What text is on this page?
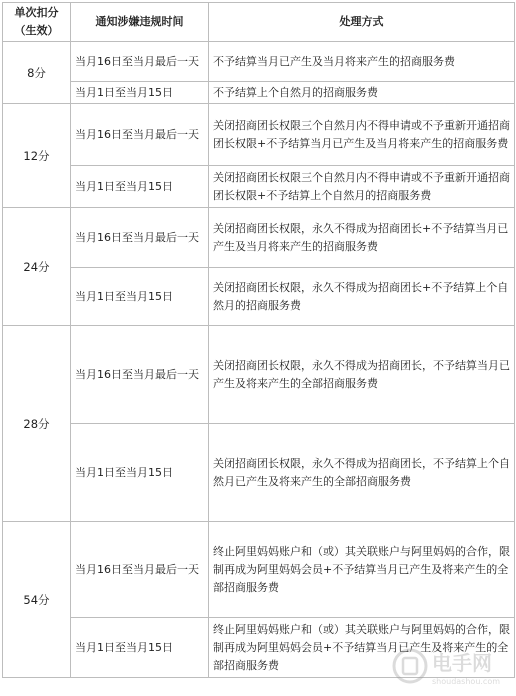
单次扣分（生效）	通知涉嫌违规时间	处理方式
8分	当月16日至当月最后一天	不予结算当月已产生及当月将来产生的招商服务费
	当月1日至当月15日	不予结算上个自然月的招商服务费
12分	当月16日至当月最后一天	关闭招商团长权限三个自然月内不得申请或不予重新开通招商团长权限+不予结算当月已产生及当月将来产生的招商服务费
	当月1日至当月15日	关闭招商团长权限三个自然月内不得申请或不予重新开通招商团长权限+不予结算上个自然月的招商服务费
24分	当月16日至当月最后一天	关闭招商团长权限，永久不得成为招商团长+不予结算当月已产生及当月将来产生的招商服务费
	当月1日至当月15日	关闭招商团长权限，永久不得成为招商团长+不予结算上个自然月的招商服务费
28分	当月16日至当月最后一天	关闭招商团长权限，永久不得成为招商团长，不予结算当月已产生及将来产生的全部招商服务费
	当月1日至当月15日	关闭招商团长权限，永久不得成为招商团长，不予结算上个自然月已产生及将来产生的全部招商服务费
54分	当月16日至当月最后一天	终止阿里妈妈账户和（或）其关联账户与阿里妈妈的合作，限制再成为阿里妈妈会员+不予结算当月已产生及将来产生的全部招商服务费
	当月1日至当月15日	终止阿里妈妈账户和（或）其关联账户与阿里妈妈的合作，限制再成为阿里妈妈会员+不予结算当月已产生及将来产生的全部招商服务费	电手网
shoudashou.com
